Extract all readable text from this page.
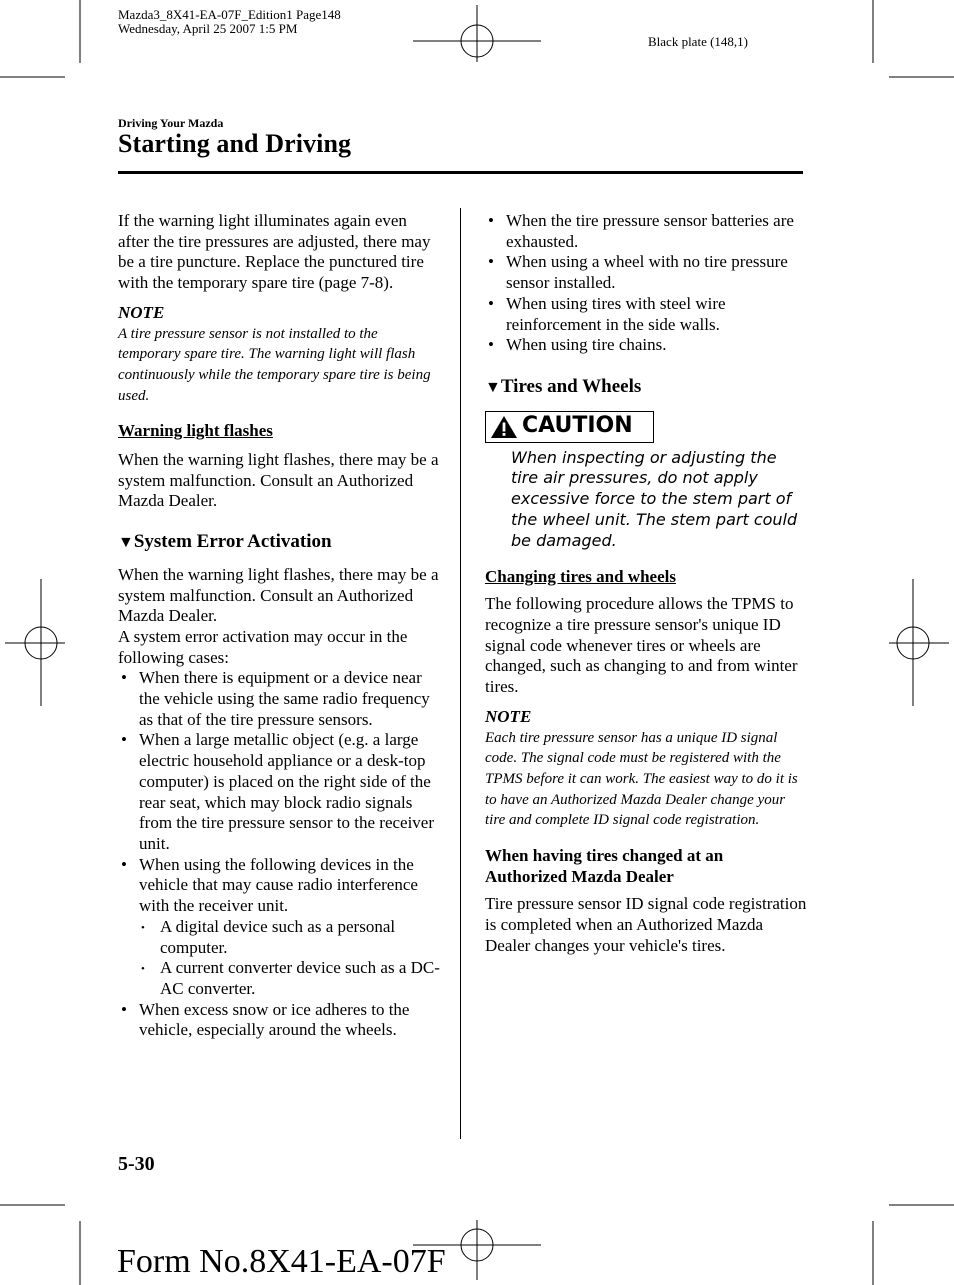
Mazda3_8X41-EA-07F_Edition1 Page148
Wednesday, April 25 2007 1:5 PM
Black plate (148,1)
Driving Your Mazda
Starting and Driving

If the warning light illuminates again even after the tire pressures are adjusted, there may be a tire puncture. Replace the punctured tire with the temporary spare tire (page 7-8).

NOTE

A tire pressure sensor is not installed to the temporary spare tire. The warning light will flash continuously while the temporary spare tire is being used.

Warning light flashes

When the warning light flashes, there may be a system malfunction. Consult an Authorized Mazda Dealer.

▼System Error Activation

When the warning light flashes, there may be a system malfunction. Consult an Authorized Mazda Dealer.

A system error activation may occur in the following cases:

• When there is equipment or a device near the vehicle using the same radio frequency as that of the tire pressure sensors.
• When a large metallic object (e.g. a large electric household appliance or a desk-top computer) is placed on the right side of the rear seat, which may block radio signals from the tire pressure sensor to the receiver unit.
• When using the following devices in the vehicle that may cause radio interference with the receiver unit.
• A digital device such as a personal computer.
• A current converter device such as a DC-AC converter.
• When excess snow or ice adheres to the vehicle, especially around the wheels.
• When the tire pressure sensor batteries are exhausted.
• When using a wheel with no tire pressure sensor installed.
• When using tires with steel wire reinforcement in the side walls.
• When using tire chains.
▼Tires and Wheels
CAUTION
When inspecting or adjusting the tire air pressures, do not apply excessive force to the stem part of the wheel unit. The stem part could be damaged.

Changing tires and wheels

The following procedure allows the TPMS to recognize a tire pressure sensor's unique ID signal code whenever tires or wheels are changed, such as changing to and from winter tires.

NOTE

Each tire pressure sensor has a unique ID signal code. The signal code must be registered with the TPMS before it can work. The easiest way to do it is to have an Authorized Mazda Dealer change your tire and complete ID signal code registration.

When having tires changed at an Authorized Mazda Dealer

Tire pressure sensor ID signal code registration is completed when an Authorized Mazda Dealer changes your vehicle's tires.

5-30
Form No.8X41-EA-07F
